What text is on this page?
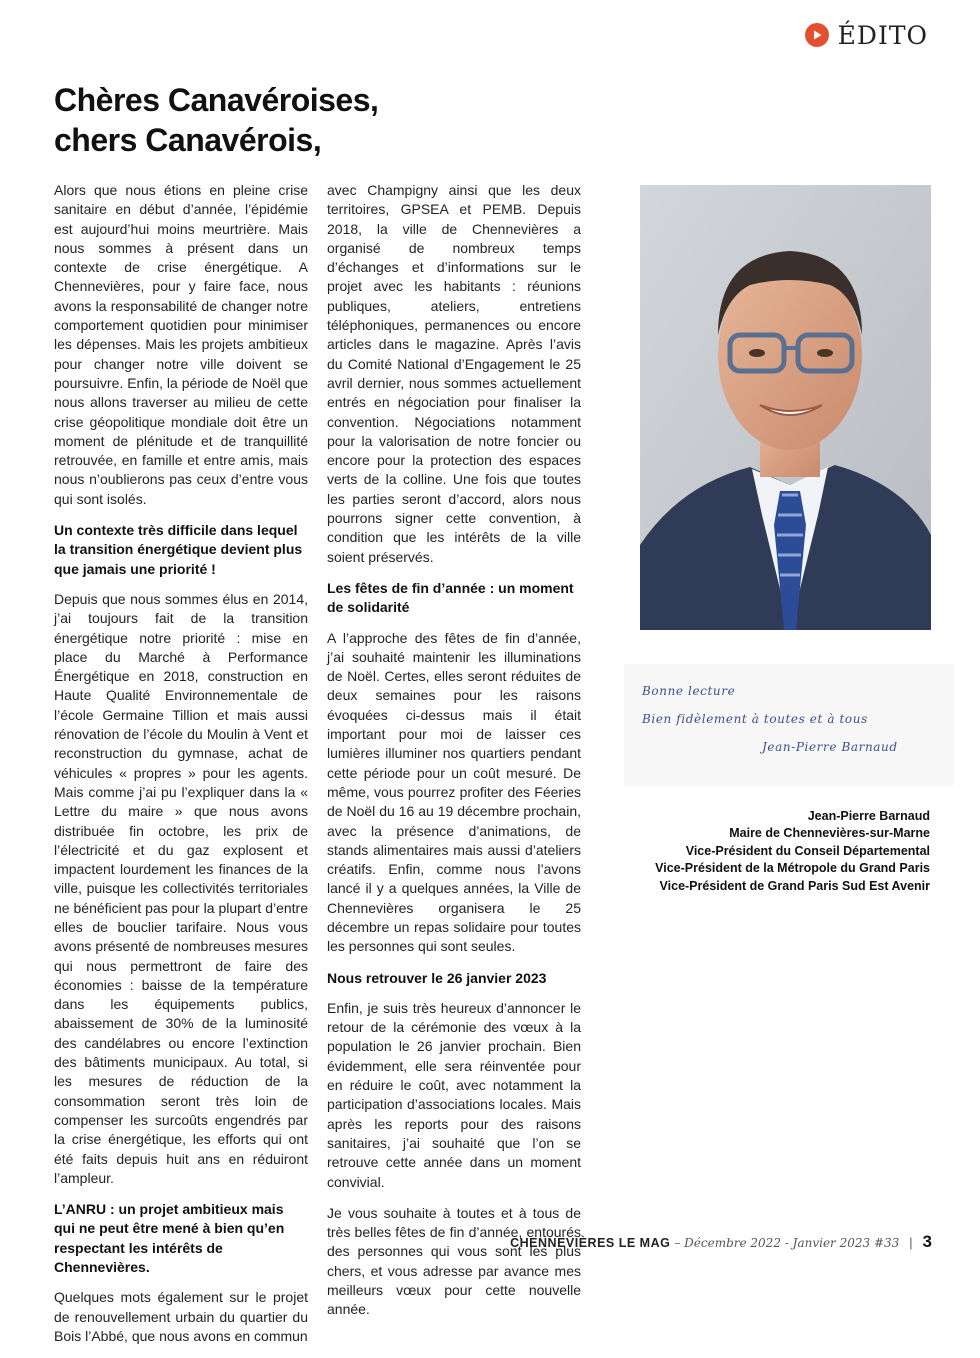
ÉDITO
Chères Canavéroises,
chers Canavérois,

Alors que nous étions en pleine crise sanitaire en début d’année, l’épidémie est aujourd’hui moins meurtrière. Mais nous sommes à présent dans un contexte de crise énergétique. A Chennevières, pour y faire face, nous avons la responsabilité de changer notre comportement quotidien pour minimiser les dépenses. Mais les projets ambitieux pour changer notre ville doivent se poursuivre. Enfin, la période de Noël que nous allons traverser au milieu de cette crise géopolitique mondiale doit être un moment de plénitude et de tranquillité retrouvée, en famille et entre amis, mais nous n’oublierons pas ceux d’entre vous qui sont isolés.

Un contexte très difficile dans lequel la transition énergétique devient plus que jamais une priorité !

Depuis que nous sommes élus en 2014, j’ai toujours fait de la transition énergétique notre priorité : mise en place du Marché à Performance Énergétique en 2018, construction en Haute Qualité Environnementale de l’école Germaine Tillion et mais aussi rénovation de l’école du Moulin à Vent et reconstruction du gymnase, achat de véhicules « propres » pour les agents. Mais comme j’ai pu l’expliquer dans la « Lettre du maire » que nous avons distribuée fin octobre, les prix de l’électricité et du gaz explosent et impactent lourdement les finances de la ville, puisque les collectivités territoriales ne bénéficient pas pour la plupart d’entre elles de bouclier tarifaire. Nous vous avons présenté de nombreuses mesures qui nous permettront de faire des économies : baisse de la température dans les équipements publics, abaissement de 30% de la luminosité des candélabres ou encore l’extinction des bâtiments municipaux. Au total, si les mesures de réduction de la consommation seront très loin de compenser les surcoûts engendrés par la crise énergétique, les efforts qui ont été faits depuis huit ans en réduiront l’ampleur.

L’ANRU : un projet ambitieux mais qui ne peut être mené à bien qu’en respectant les intérêts de Chennevières.

Quelques mots également sur le projet de renouvellement urbain du quartier du Bois l’Abbé, que nous avons en commun

avec Champigny ainsi que les deux territoires, GPSEA et PEMB. Depuis 2018, la ville de Chennevières a organisé de nombreux temps d’échanges et d’informations sur le projet avec les habitants : réunions publiques, ateliers, entretiens téléphoniques, permanences ou encore articles dans le magazine. Après l’avis du Comité National d’Engagement le 25 avril dernier, nous sommes actuellement entrés en négociation pour finaliser la convention. Négociations notamment pour la valorisation de notre foncier ou encore pour la protection des espaces verts de la colline. Une fois que toutes les parties seront d’accord, alors nous pourrons signer cette convention, à condition que les intérêts de la ville soient préservés.

Les fêtes de fin d’année : un moment de solidarité

A l’approche des fêtes de fin d’année, j’ai souhaité maintenir les illuminations de Noël. Certes, elles seront réduites de deux semaines pour les raisons évoquées ci-dessus mais il était important pour moi de laisser ces lumières illuminer nos quartiers pendant cette période pour un coût mesuré. De même, vous pourrez profiter des Féeries de Noël du 16 au 19 décembre prochain, avec la présence d’animations, de stands alimentaires mais aussi d’ateliers créatifs. Enfin, comme nous l’avons lancé il y a quelques années, la Ville de Chennevières organisera le 25 décembre un repas solidaire pour toutes les personnes qui sont seules.

Nous retrouver le 26 janvier 2023

Enfin, je suis très heureux d’annoncer le retour de la cérémonie des vœux à la population le 26 janvier prochain. Bien évidemment, elle sera réinventée pour en réduire le coût, avec notamment la participation d’associations locales. Mais après les reports pour des raisons sanitaires, j’ai souhaité que l’on se retrouve cette année dans un moment convivial.

Je vous souhaite à toutes et à tous de très belles fêtes de fin d’année, entourés des personnes qui vous sont les plus chers, et vous adresse par avance mes meilleurs vœux pour cette nouvelle année.

Bonne lecture
Bien fidèlement à toutes et à tous
Jean-Pierre Barnaud
Jean-Pierre Barnaud
Maire de Chennevières-sur-Marne
Vice-Président du Conseil Départemental
Vice-Président de la Métropole du Grand Paris
Vice-Président de Grand Paris Sud Est Avenir
CHENNEVIÈRES LE MAG – Décembre 2022 - Janvier 2023 #33 | 3
